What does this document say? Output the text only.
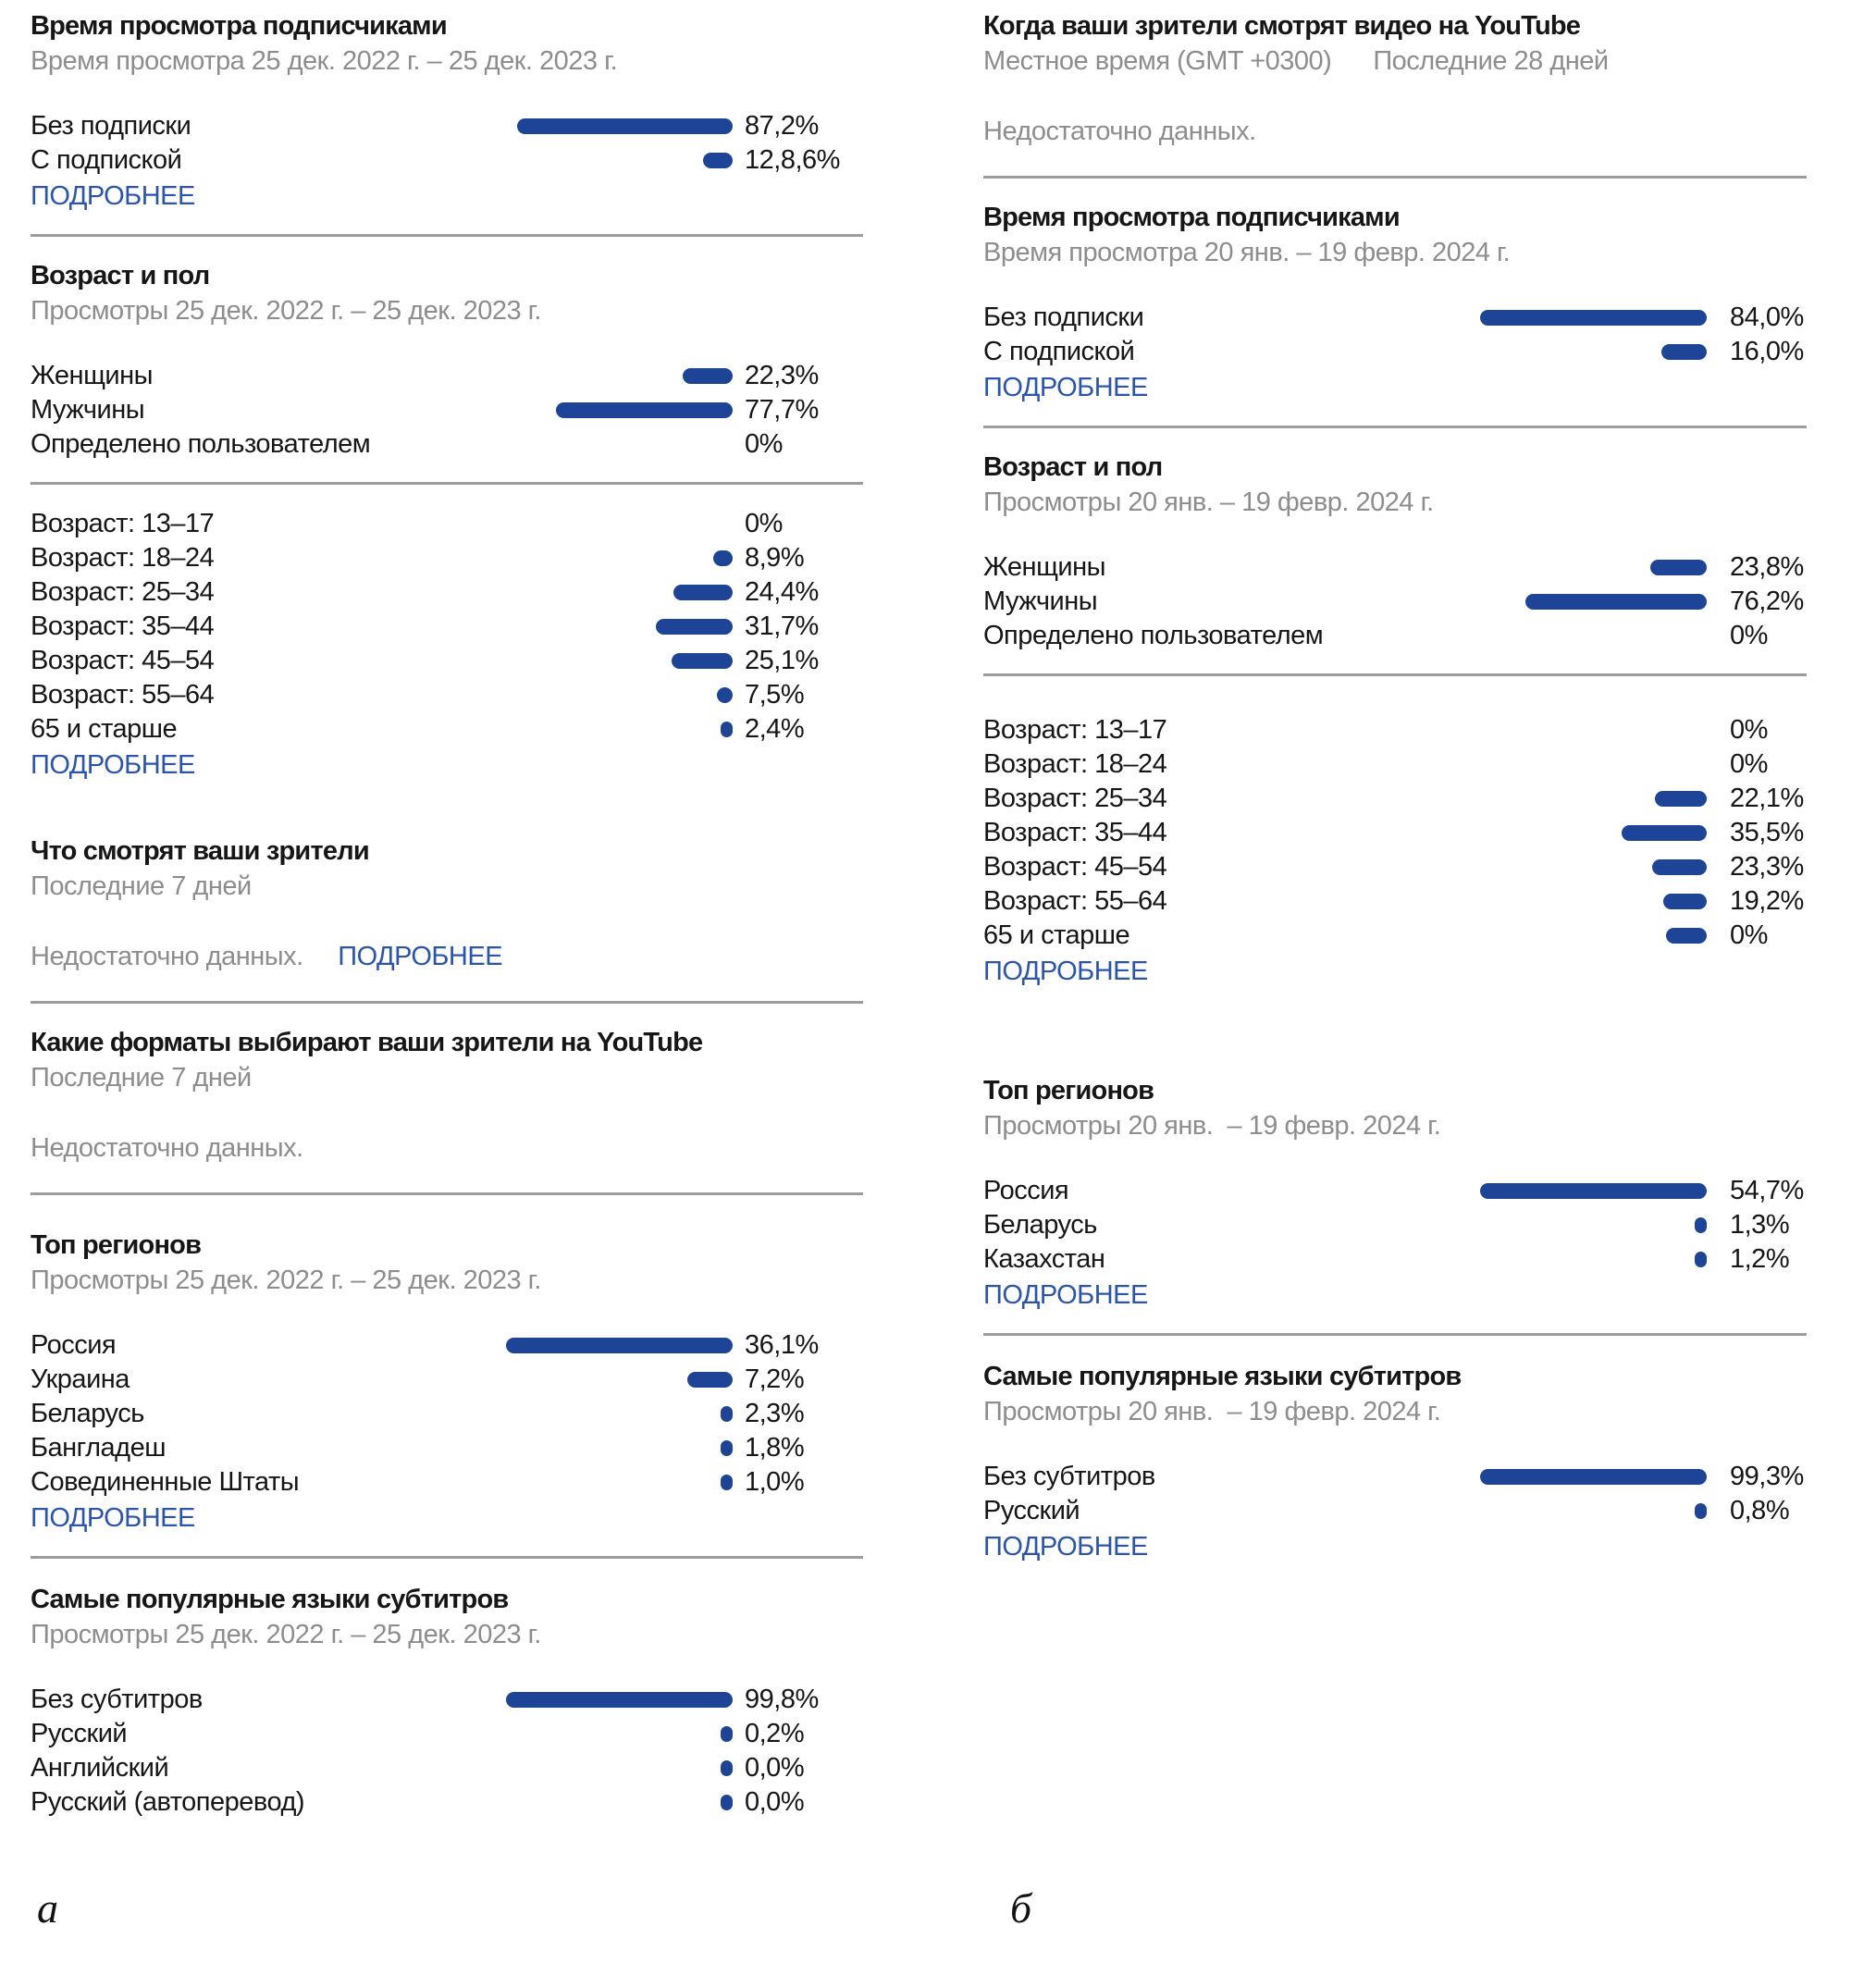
Время просмотра подписчиками

Время просмотра 25 дек. 2022 г. – 25 дек. 2023 г.

Без подписки	87,2%
С подпиской	12,8,6%
ПОДРОБНЕЕ
Возраст и пол

Просмотры 25 дек. 2022 г. – 25 дек. 2023 г.

Женщины	22,3%
Мужчины	77,7%
Определено пользователем	0%
Возраст: 13–17	0%
Возраст: 18–24	8,9%
Возраст: 25–34	24,4%
Возраст: 35–44	31,7%
Возраст: 45–54	25,1%
Возраст: 55–64	7,5%
65 и старше	2,4%
ПОДРОБНЕЕ
Что смотрят ваши зрители

Последние 7 дней

Недостаточно данных. ПОДРОБНЕЕ

Какие форматы выбирают ваши зрители на YouTube

Последние 7 дней

Недостаточно данных.

Топ регионов

Просмотры 25 дек. 2022 г. – 25 дек. 2023 г.

Россия	36,1%
Украина	7,2%
Беларусь	2,3%
Бангладеш	1,8%
Совединенные Штаты	1,0%
ПОДРОБНЕЕ
Самые популярные языки субтитров

Просмотры 25 дек. 2022 г. – 25 дек. 2023 г.

Без субтитров	99,8%
Русский	0,2%
Английский	0,0%
Русский (автоперевод)	0,0%
Когда ваши зрители смотрят видео на YouTube

Местное время (GMT +0300) Последние 28 дней

Недостаточно данных.

Время просмотра подписчиками

Время просмотра 20 янв. – 19 февр. 2024 г.

Без подписки	84,0%
С подпиской	16,0%
ПОДРОБНЕЕ
Возраст и пол

Просмотры 20 янв. – 19 февр. 2024 г.

Женщины	23,8%
Мужчины	76,2%
Определено пользователем	0%
Возраст: 13–17	0%
Возраст: 18–24	0%
Возраст: 25–34	22,1%
Возраст: 35–44	35,5%
Возраст: 45–54	23,3%
Возраст: 55–64	19,2%
65 и старше	0%
ПОДРОБНЕЕ
Топ регионов

Просмотры 20 янв.  – 19 февр. 2024 г.

Россия	54,7%
Беларусь	1,3%
Казахстан	1,2%
ПОДРОБНЕЕ
Самые популярные языки субтитров

Просмотры 20 янв.  – 19 февр. 2024 г.

Без субтитров	99,3%
Русский	0,8%
ПОДРОБНЕЕ
а	б
